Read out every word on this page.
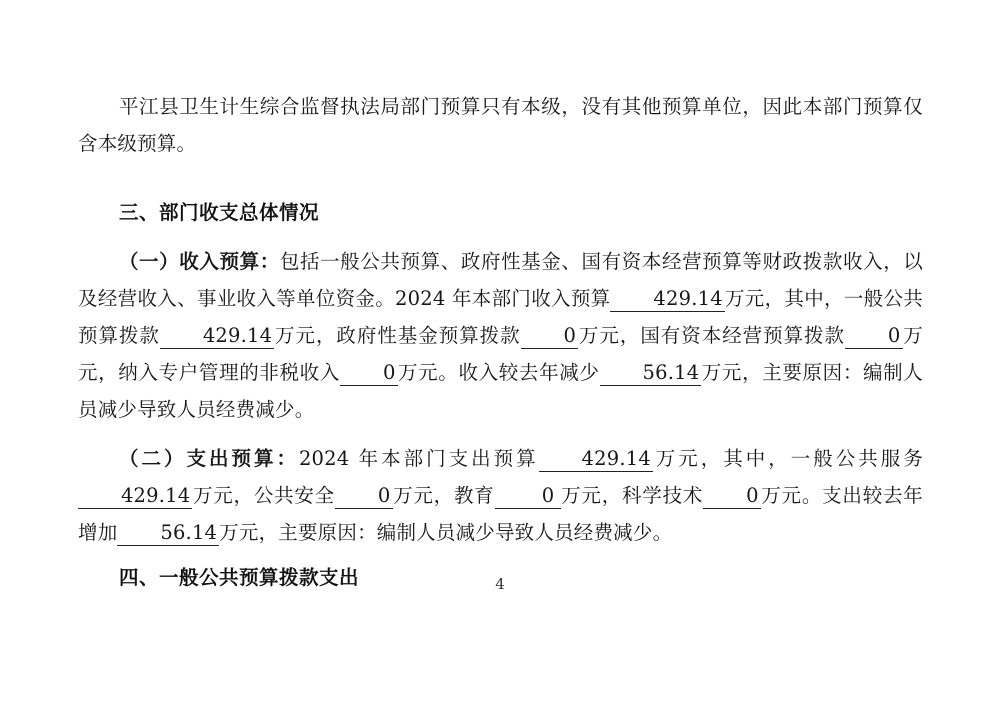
平江县卫生计生综合监督执法局部门预算只有本级，没有其他预算单位，因此本部门预算仅含本级预算。

三、部门收支总体情况

（一）收入预算：包括一般公共预算、政府性基金、国有资本经营预算等财政拨款收入，以及经营收入、事业收入等单位资金。2024 年本部门收入预算 429.14 万元，其中，一般公共预算拨款 429.14 万元，政府性基金预算拨款 0 万元，国有资本经营预算拨款 0 万元，纳入专户管理的非税收入 0 万元。收入较去年减少 56.14 万元，主要原因：编制人员减少导致人员经费减少。

（二）支出预算：2024 年本部门支出预算 429.14 万元，其中，一般公共服务429.14 万元，公共安全 0 万元，教育 0 万元，科学技术 0 万元。支出较去年增加 56.14 万元，主要原因：编制人员减少导致人员经费减少。

四、一般公共预算拨款支出	4
